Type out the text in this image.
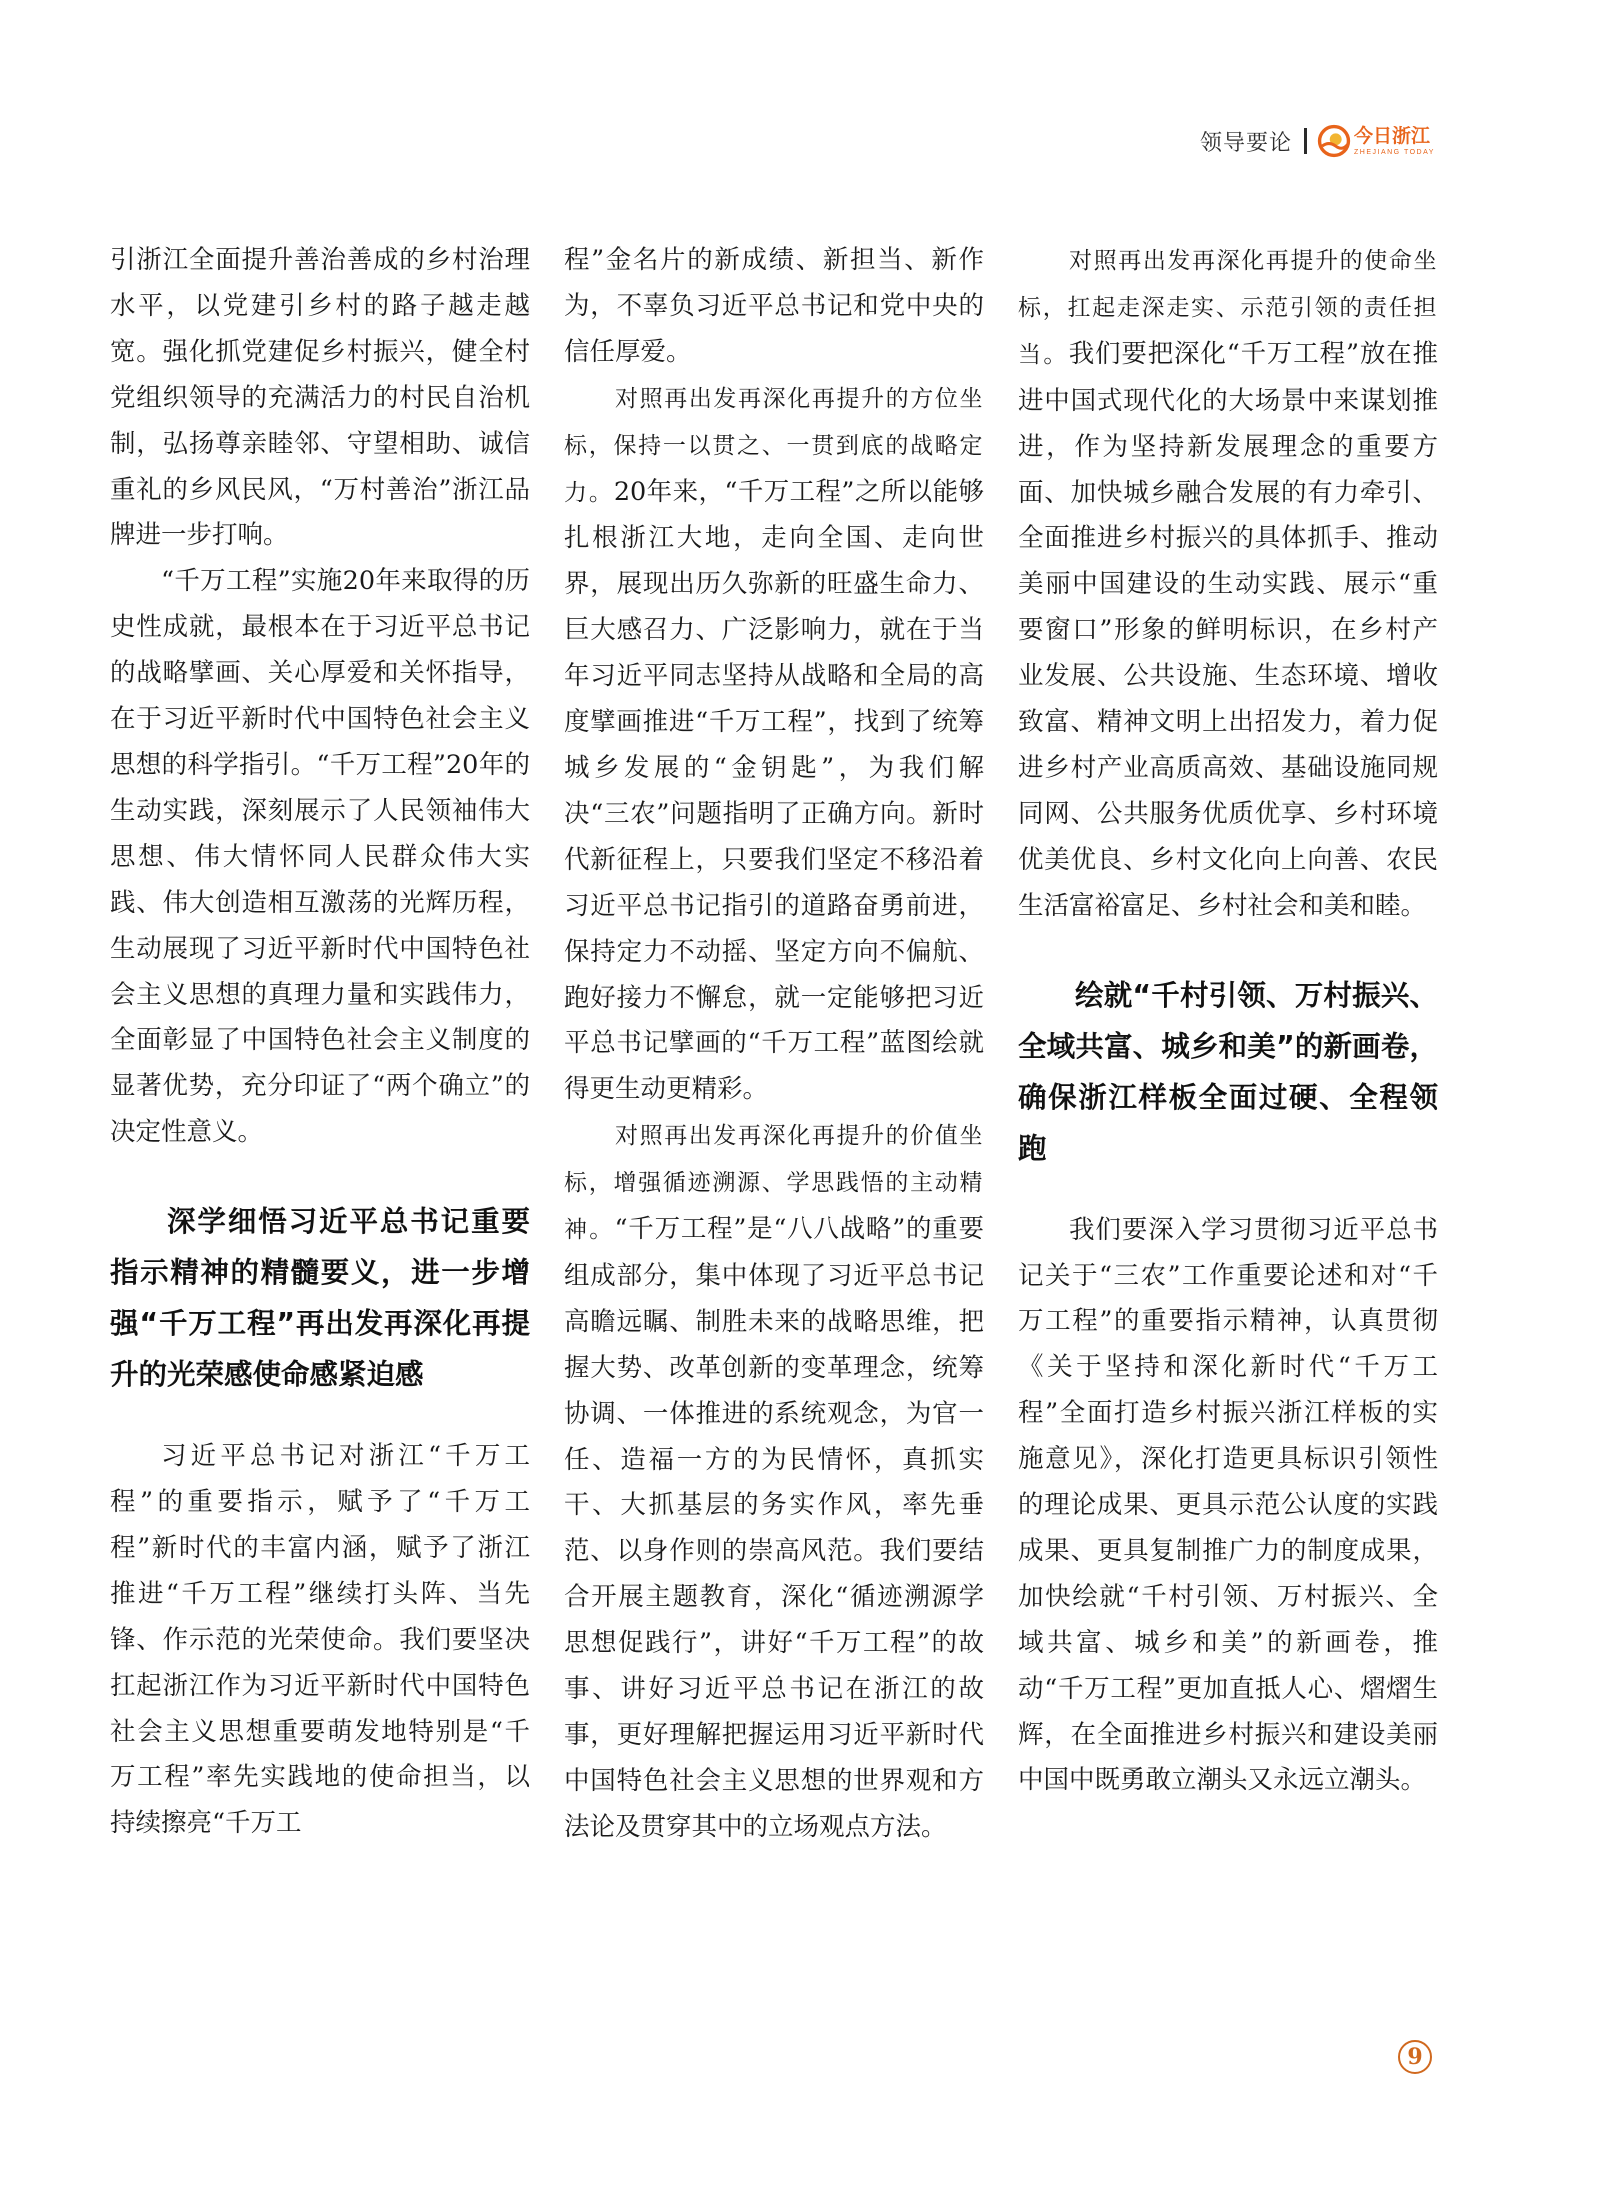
领导要论	今日浙江
ZHEJIANG TODAY

引浙江全面提升善治善成的乡村治理水平，以党建引乡村的路子越走越宽。强化抓党建促乡村振兴，健全村党组织领导的充满活力的村民自治机制，弘扬尊亲睦邻、守望相助、诚信重礼的乡风民风，“万村善治”浙江品牌进一步打响。

“千万工程”实施20年来取得的历史性成就，最根本在于习近平总书记的战略擘画、关心厚爱和关怀指导，在于习近平新时代中国特色社会主义思想的科学指引。“千万工程”20年的生动实践，深刻展示了人民领袖伟大思想、伟大情怀同人民群众伟大实践、伟大创造相互激荡的光辉历程，生动展现了习近平新时代中国特色社会主义思想的真理力量和实践伟力，全面彰显了中国特色社会主义制度的显著优势，充分印证了“两个确立”的决定性意义。

深学细悟习近平总书记重要指示精神的精髓要义，进一步增强“千万工程”再出发再深化再提升的光荣感使命感紧迫感

习近平总书记对浙江“千万工程”的重要指示，赋予了“千万工程”新时代的丰富内涵，赋予了浙江推进“千万工程”继续打头阵、当先锋、作示范的光荣使命。我们要坚决扛起浙江作为习近平新时代中国特色社会主义思想重要萌发地特别是“千万工程”率先实践地的使命担当，以持续擦亮“千万工

程”金名片的新成绩、新担当、新作为，不辜负习近平总书记和党中央的信任厚爱。

对照再出发再深化再提升的方位坐标，保持一以贯之、一贯到底的战略定力。20年来，“千万工程”之所以能够扎根浙江大地，走向全国、走向世界，展现出历久弥新的旺盛生命力、巨大感召力、广泛影响力，就在于当年习近平同志坚持从战略和全局的高度擘画推进“千万工程”，找到了统筹城乡发展的“金钥匙”，为我们解决“三农”问题指明了正确方向。新时代新征程上，只要我们坚定不移沿着习近平总书记指引的道路奋勇前进，保持定力不动摇、坚定方向不偏航、跑好接力不懈怠，就一定能够把习近平总书记擘画的“千万工程”蓝图绘就得更生动更精彩。

对照再出发再深化再提升的价值坐标，增强循迹溯源、学思践悟的主动精神。“千万工程”是“八八战略”的重要组成部分，集中体现了习近平总书记高瞻远瞩、制胜未来的战略思维，把握大势、改革创新的变革理念，统筹协调、一体推进的系统观念，为官一任、造福一方的为民情怀，真抓实干、大抓基层的务实作风，率先垂范、以身作则的崇高风范。我们要结合开展主题教育，深化“循迹溯源学思想促践行”，讲好“千万工程”的故事、讲好习近平总书记在浙江的故事，更好理解把握运用习近平新时代中国特色社会主义思想的世界观和方法论及贯穿其中的立场观点方法。

对照再出发再深化再提升的使命坐标，扛起走深走实、示范引领的责任担当。我们要把深化“千万工程”放在推进中国式现代化的大场景中来谋划推进，作为坚持新发展理念的重要方面、加快城乡融合发展的有力牵引、全面推进乡村振兴的具体抓手、推动美丽中国建设的生动实践、展示“重要窗口”形象的鲜明标识，在乡村产业发展、公共设施、生态环境、增收致富、精神文明上出招发力，着力促进乡村产业高质高效、基础设施同规同网、公共服务优质优享、乡村环境优美优良、乡村文化向上向善、农民生活富裕富足、乡村社会和美和睦。

绘就“千村引领、万村振兴、全域共富、城乡和美”的新画卷，确保浙江样板全面过硬、全程领跑

我们要深入学习贯彻习近平总书记关于“三农”工作重要论述和对“千万工程”的重要指示精神，认真贯彻《关于坚持和深化新时代“千万工程”全面打造乡村振兴浙江样板的实施意见》，深化打造更具标识引领性的理论成果、更具示范公认度的实践成果、更具复制推广力的制度成果，加快绘就“千村引领、万村振兴、全域共富、城乡和美”的新画卷，推动“千万工程”更加直抵人心、熠熠生辉，在全面推进乡村振兴和建设美丽中国中既勇敢立潮头又永远立潮头。

9
